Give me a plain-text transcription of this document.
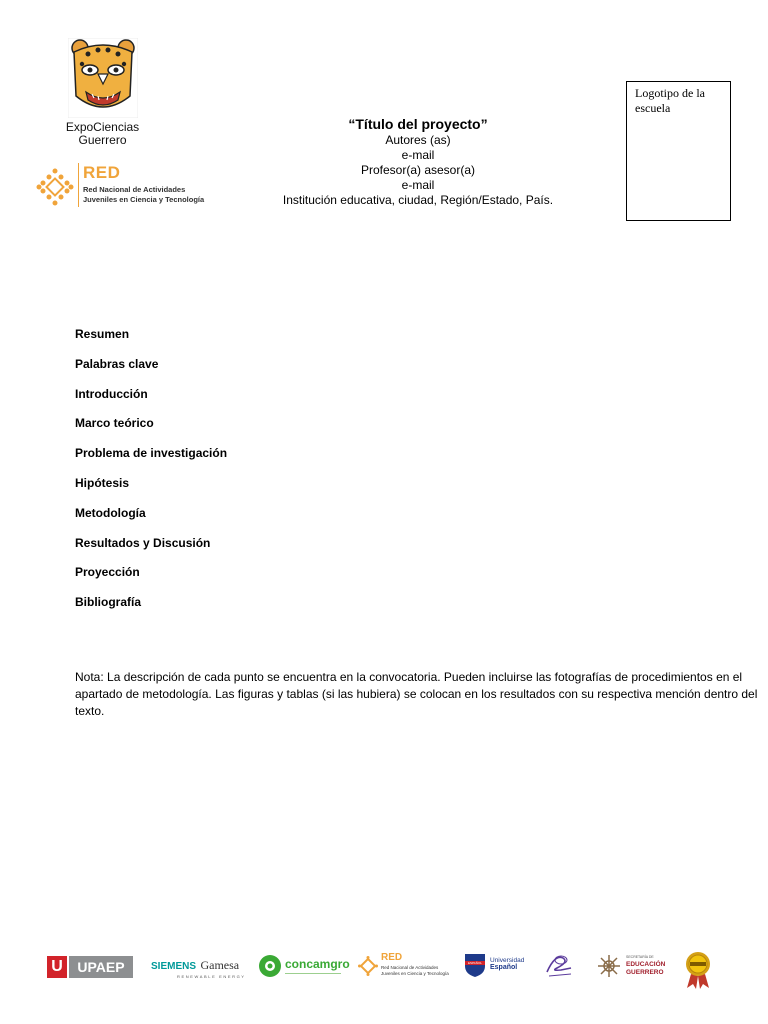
ExpoCiencias
Guerrero
RED
Red Nacional de Actividades
Juveniles en Ciencia y Tecnología
“Título del proyecto”
Autores (as)
e-mail
Profesor(a) asesor(a)
e-mail
Institución educativa, ciudad, Región/Estado, País.
Logotipo de la
escuela
Resumen
Palabras clave
Introducción
Marco teórico
Problema de investigación
Hipótesis
Metodología
Resultados y Discusión
Proyección
Bibliografía
Nota: La descripción de cada punto se encuentra en la convocatoria. Pueden incluirse las fotografías de procedimientos en el apartado de metodología. Las figuras y tablas (si las hubiera) se colocan en los resultados con su respectiva mención dentro del texto.
U	UPAEP	SIEMENS Gamesa
RENEWABLE ENERGY
concamgro	RED
Red Nacional de Actividades
Juveniles en Ciencia y Tecnología
ESPAÑOL	Universidad
Español
SECRETARÍA DE
EDUCACIÓN
GUERRERO
